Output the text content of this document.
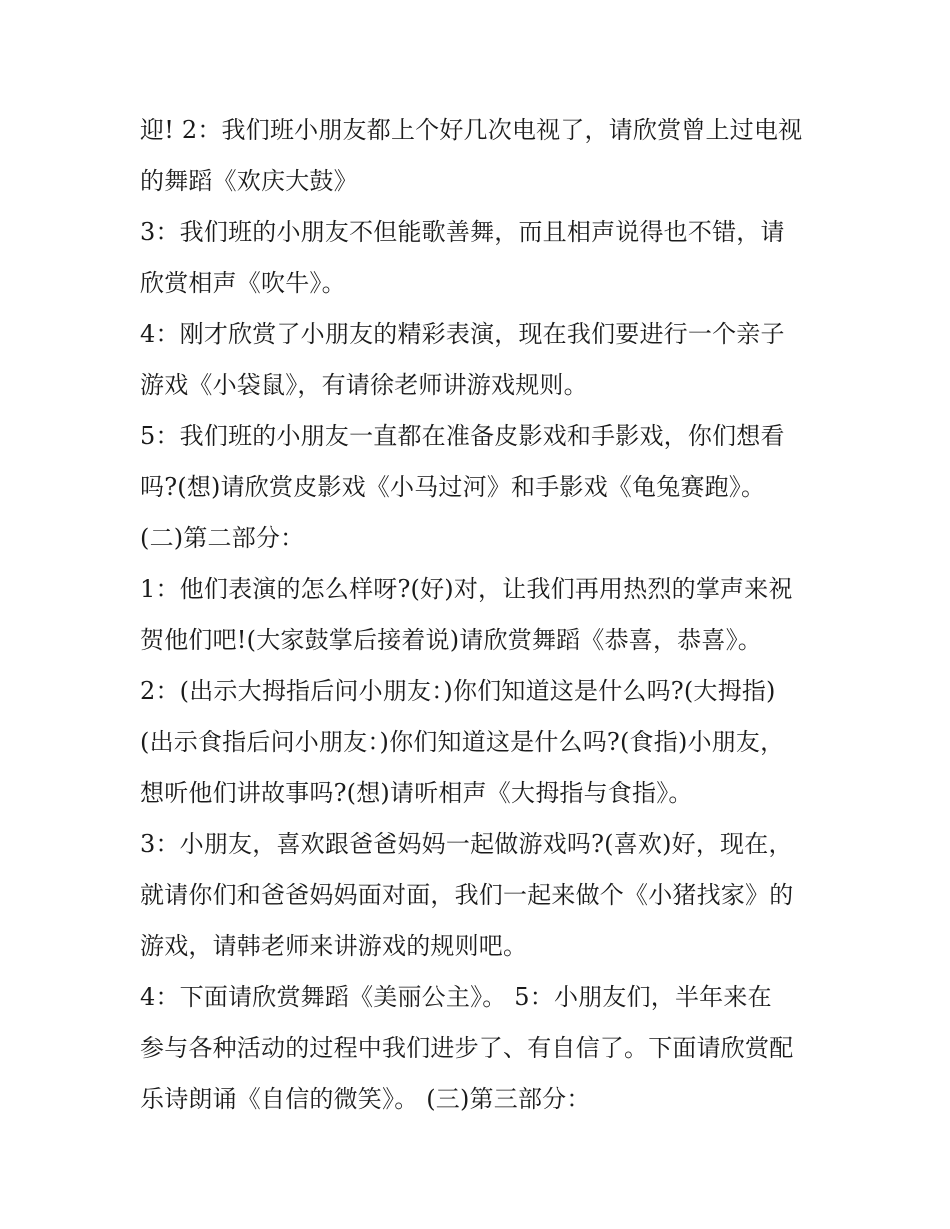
迎! 2：我们班小朋友都上个好几次电视了，请欣赏曾上过电视
的舞蹈《欢庆大鼓》
3：我们班的小朋友不但能歌善舞，而且相声说得也不错，请
欣赏相声《吹牛》。
4：刚才欣赏了小朋友的精彩表演，现在我们要进行一个亲子
游戏《小袋鼠》，有请徐老师讲游戏规则。
5：我们班的小朋友一直都在准备皮影戏和手影戏，你们想看
吗?(想)请欣赏皮影戏《小马过河》和手影戏《龟兔赛跑》。
(二)第二部分：
1：他们表演的怎么样呀?(好)对，让我们再用热烈的掌声来祝
贺他们吧!(大家鼓掌后接着说)请欣赏舞蹈《恭喜，恭喜》。
2：(出示大拇指后问小朋友：)你们知道这是什么吗?(大拇指)
(出示食指后问小朋友：)你们知道这是什么吗?(食指)小朋友，
想听他们讲故事吗?(想)请听相声《大拇指与食指》。
3：小朋友，喜欢跟爸爸妈妈一起做游戏吗?(喜欢)好，现在，
就请你们和爸爸妈妈面对面，我们一起来做个《小猪找家》的
游戏，请韩老师来讲游戏的规则吧。
4：下面请欣赏舞蹈《美丽公主》。 5：小朋友们，半年来在
参与各种活动的过程中我们进步了、有自信了。下面请欣赏配
乐诗朗诵《自信的微笑》。 (三)第三部分：
